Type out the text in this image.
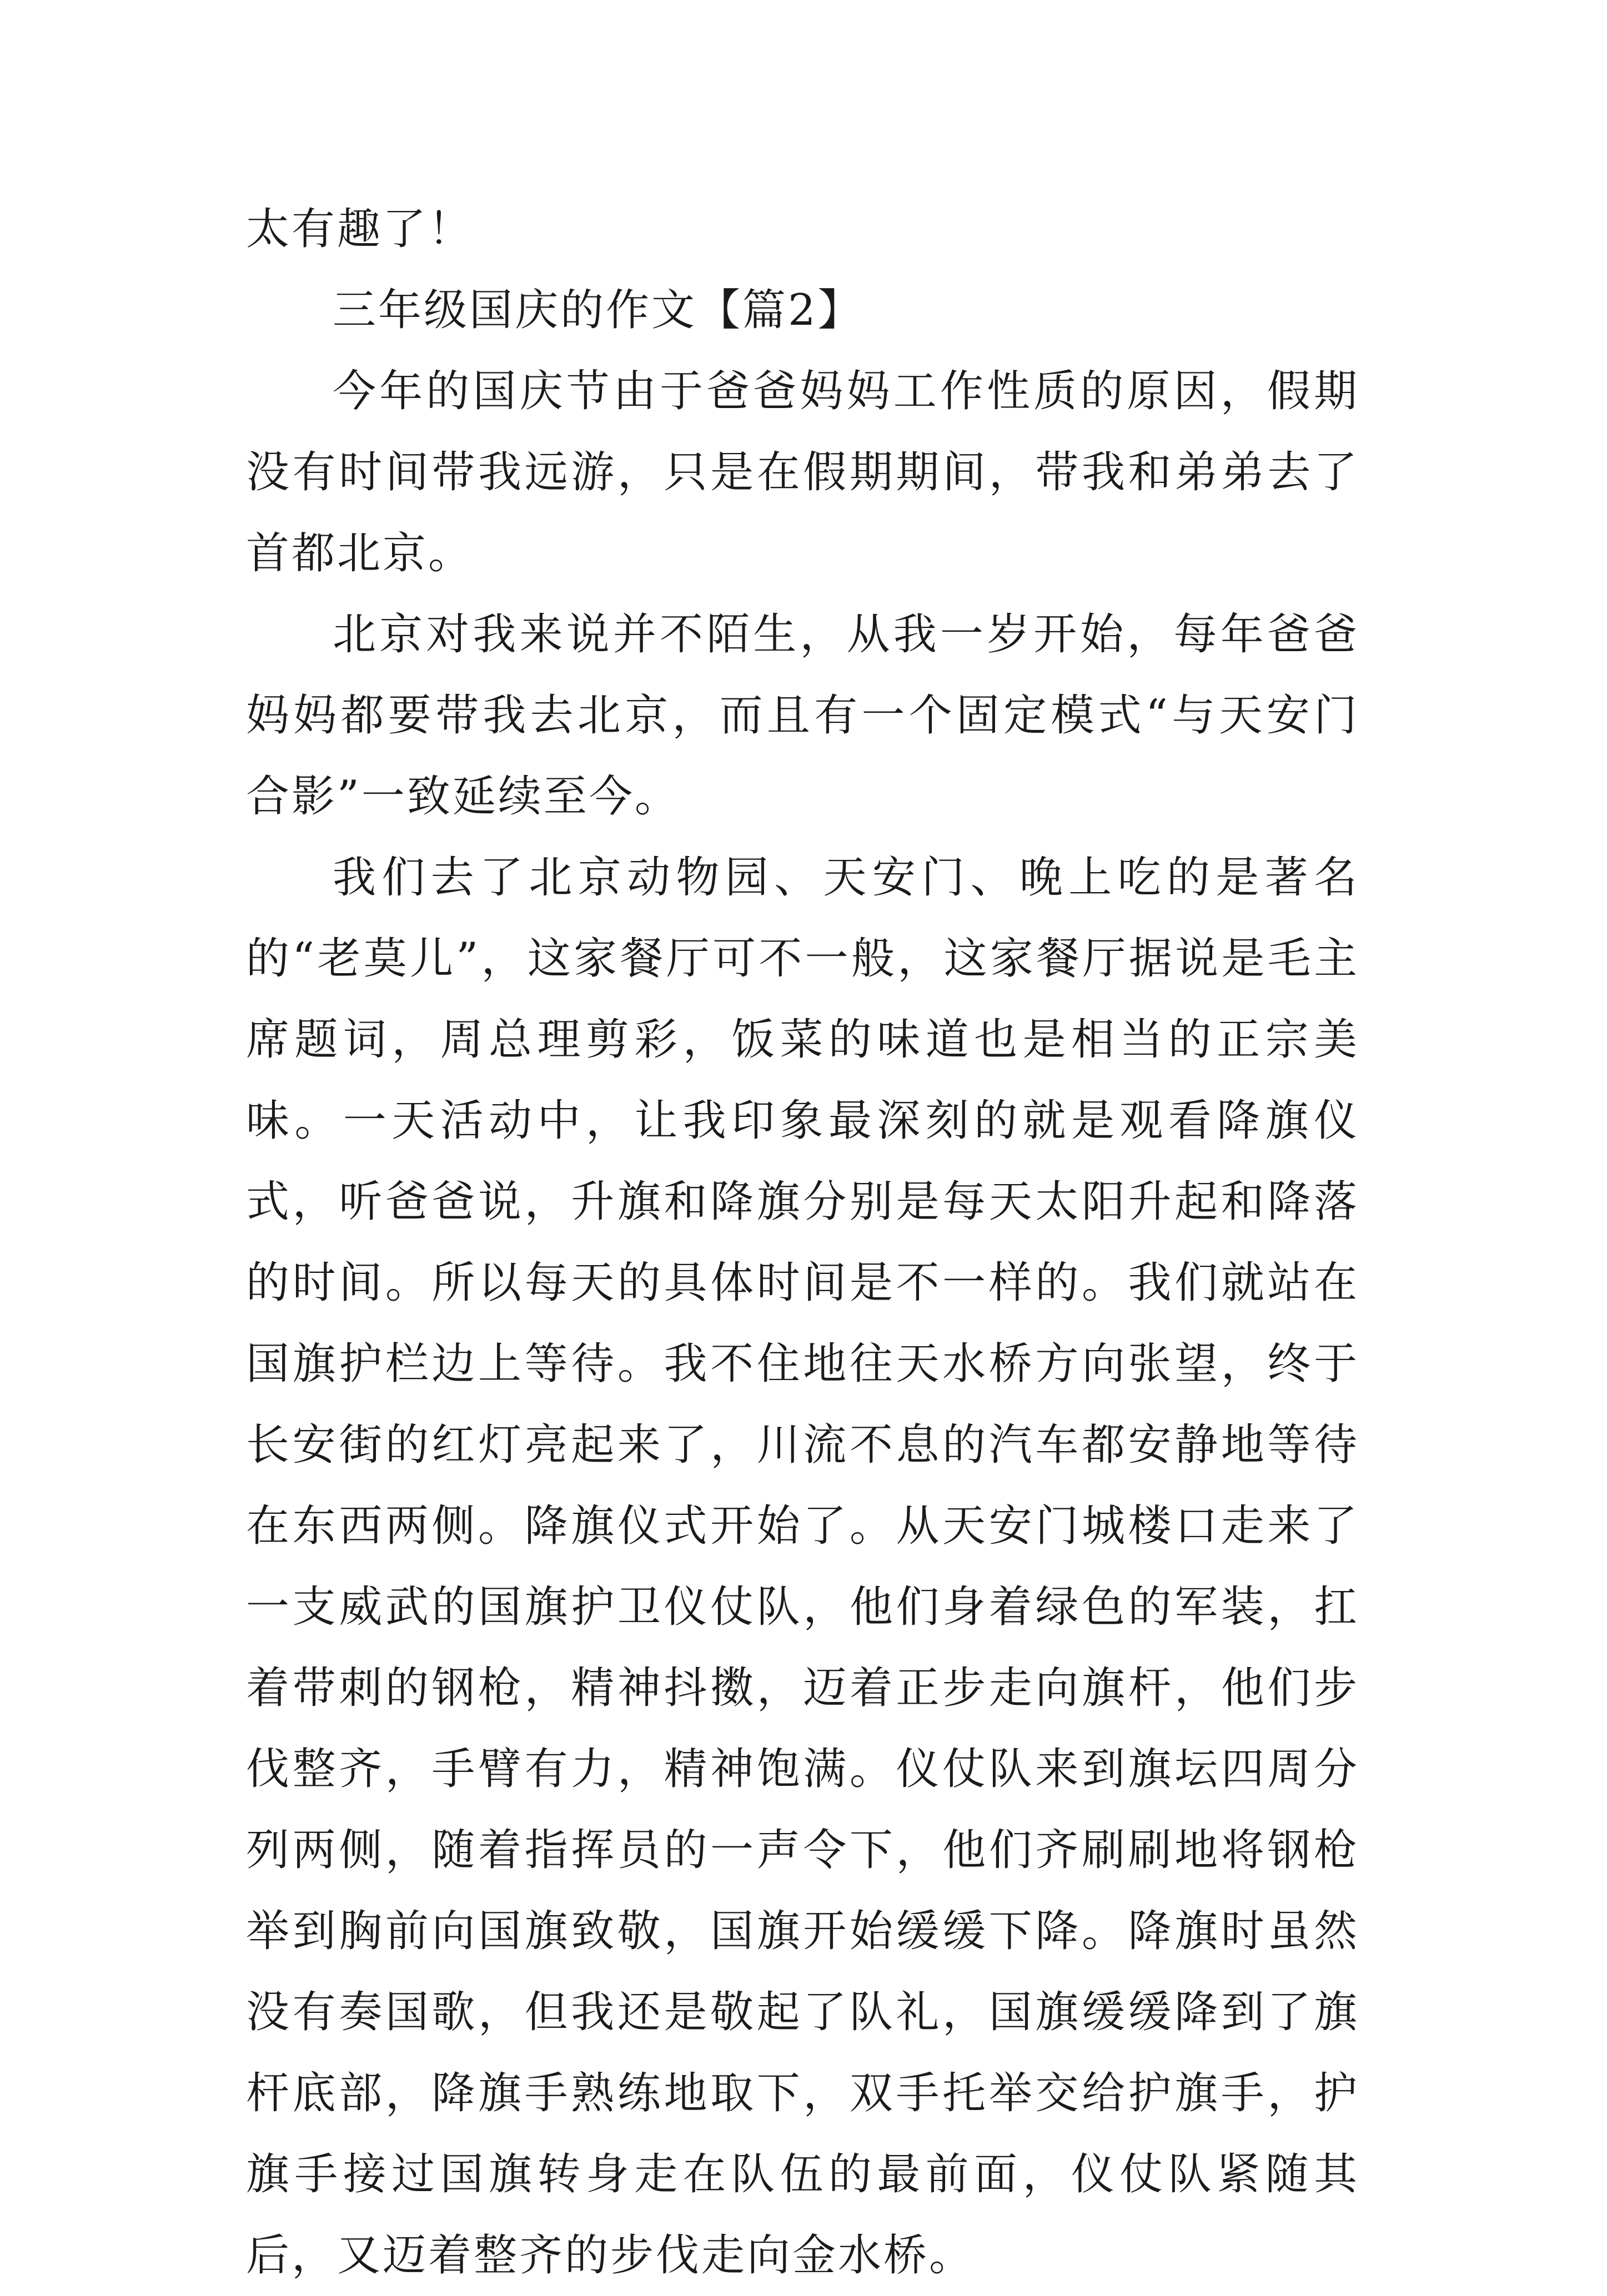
太有趣了！

三年级国庆的作文【篇2】

今年的国庆节由于爸爸妈妈工作性质的原因，假期没有时间带我远游，只是在假期期间，带我和弟弟去了首都北京。

北京对我来说并不陌生，从我一岁开始，每年爸爸妈妈都要带我去北京，而且有一个固定模式“与天安门合影”一致延续至今。

我们去了北京动物园、天安门、晚上吃的是著名的“老莫儿”，这家餐厅可不一般，这家餐厅据说是毛主席题词，周总理剪彩，饭菜的味道也是相当的正宗美味。一天活动中，让我印象最深刻的就是观看降旗仪式，听爸爸说，升旗和降旗分别是每天太阳升起和降落的时间。所以每天的具体时间是不一样的。我们就站在国旗护栏边上等待。我不住地往天水桥方向张望，终于长安街的红灯亮起来了，川流不息的汽车都安静地等待在东西两侧。降旗仪式开始了。从天安门城楼口走来了一支威武的国旗护卫仪仗队，他们身着绿色的军装，扛着带刺的钢枪，精神抖擞，迈着正步走向旗杆，他们步伐整齐，手臂有力，精神饱满。仪仗队来到旗坛四周分列两侧，随着指挥员的一声令下，他们齐刷刷地将钢枪举到胸前向国旗致敬，国旗开始缓缓下降。降旗时虽然没有奏国歌，但我还是敬起了队礼，国旗缓缓降到了旗杆底部，降旗手熟练地取下，双手托举交给护旗手，护旗手接过国旗转身走在队伍的最前面，仪仗队紧随其后，又迈着整齐的步伐走向金水桥。
